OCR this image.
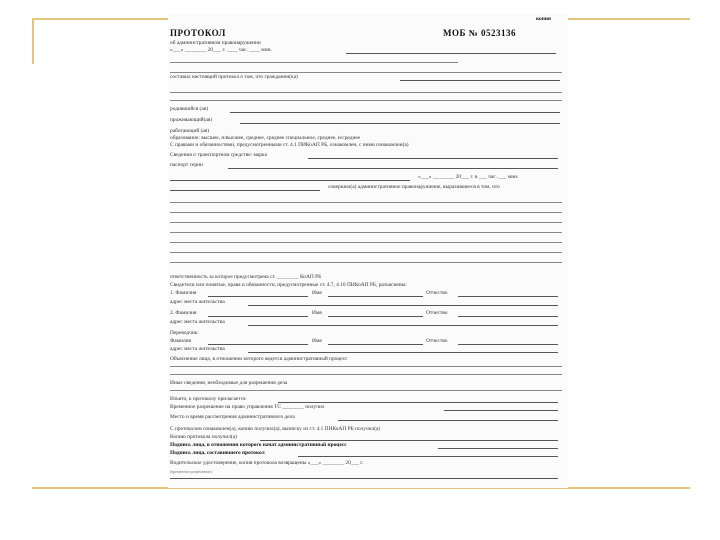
копия
ПРОТОКОЛ	МОБ № 0523136
об административном правонарушении
«___» ________ 20___ г. ____ час. ____ мин.
составил настоящий протокол о том, что гражданин(ка)
родившийся (ая)
проживающий(ая)
работающий (ая)
образование: высшее, н/высшее, среднее, среднее специальное, среднее, н/среднее
С правами и обязанностями, предусмотренными ст. 4.1 ПИКоАП РБ, ознакомлен, с ними ознакомлен(а)
Сведения о транспортном средстве: марка
паспорт серии
«___» ________ 20___ г. в ___ час. ___ мин.
совершил(а) административное правонарушение, выразившееся в том, что
ответственность за которое предусмотрена ст. ________ КоАП РБ
Свидетели или понятые, права и обязанности, предусмотренные ст. 4.7, 4.10 ПИКоАП РБ, разъяснены:
1. Фамилия	Имя	Отчество
адрес места жительства
2. Фамилия	Имя	Отчество
адрес места жительства
Переводчик:
Фамилия	Имя	Отчество
адрес места жительства
Объяснение лица, в отношении которого ведется административный процесс
Иные сведения, необходимые для разрешения дела
Изъято, к протоколу прилагается
Временное разрешение на право управления ТС ________ получил
Место и время рассмотрения административного дела
С протоколом ознакомлен(а), копию получил(а), выписку из ст. 4.1 ПИКоАП РБ получил(а)
Копию протокола получил(а)
Подпись лица, в отношении которого начат административный процесс
Подпись лица, составившего протокол
Водительское удостоверение, копия протокола возвращены «___» ________ 20___ г.
(временное разрешение)
